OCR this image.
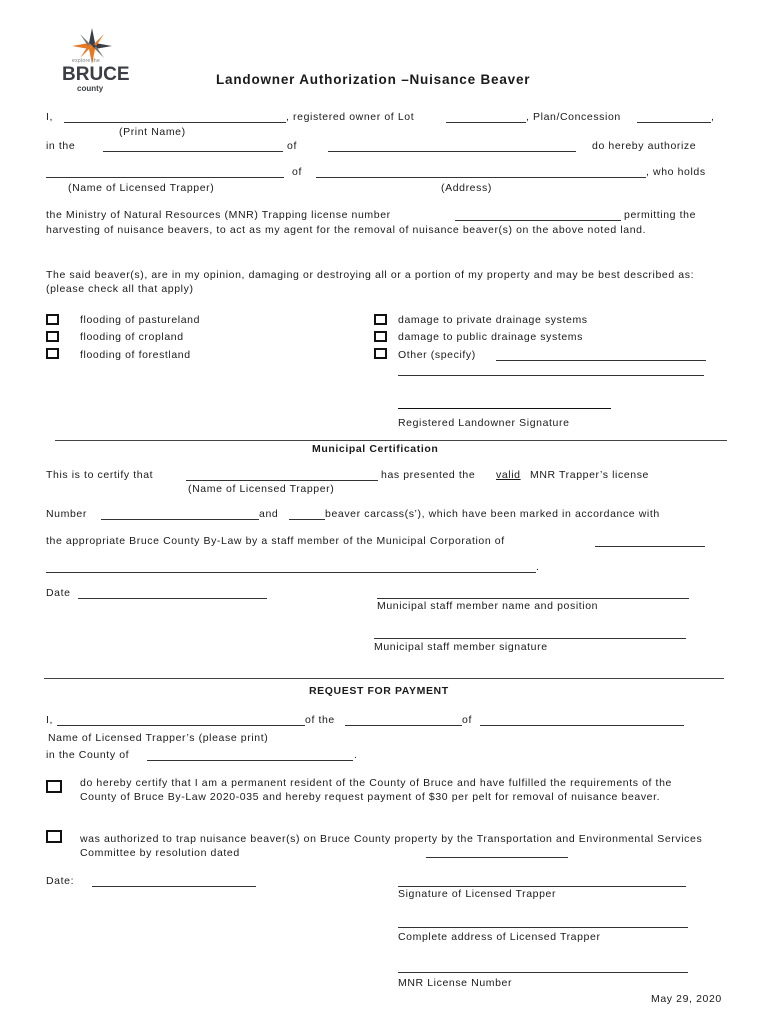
explore the
BRUCE
county
Landowner Authorization –Nuisance Beaver
I,	, registered owner of Lot	, Plan/Concession	,
(Print Name)
in the	of	do hereby authorize
of	, who holds
(Name of Licensed Trapper)	(Address)
the Ministry of Natural Resources (MNR) Trapping license number	permitting the
harvesting of nuisance beavers, to act as my agent for the removal of nuisance beaver(s) on the above noted land.
The said beaver(s), are in my opinion, damaging or destroying all or a portion of my property and may be best described as: (please check all that apply)
flooding of pastureland
flooding of cropland
flooding of forestland
damage to private drainage systems
damage to public drainage systems
Other (specify)
Registered Landowner Signature
Municipal Certification
This is to certify that	has presented the valid MNR Trapper’s license
(Name of Licensed Trapper)
Number	and	beaver carcass(s’), which have been marked in accordance with
the appropriate Bruce County By-Law by a staff member of the Municipal Corporation of
.
Date
Municipal staff member name and position
Municipal staff member signature
REQUEST FOR PAYMENT
I,	of the	of
Name of Licensed Trapper’s (please print)
in the County of	.
do hereby certify that I am a permanent resident of the County of Bruce and have fulfilled the requirements of the County of Bruce By-Law 2020-035 and hereby request payment of $30 per pelt for removal of nuisance beaver.
was authorized to trap nuisance beaver(s) on Bruce County property by the Transportation and Environmental Services Committee by resolution dated
Date:
Signature of Licensed Trapper
Complete address of Licensed Trapper
MNR License Number
May 29, 2020
